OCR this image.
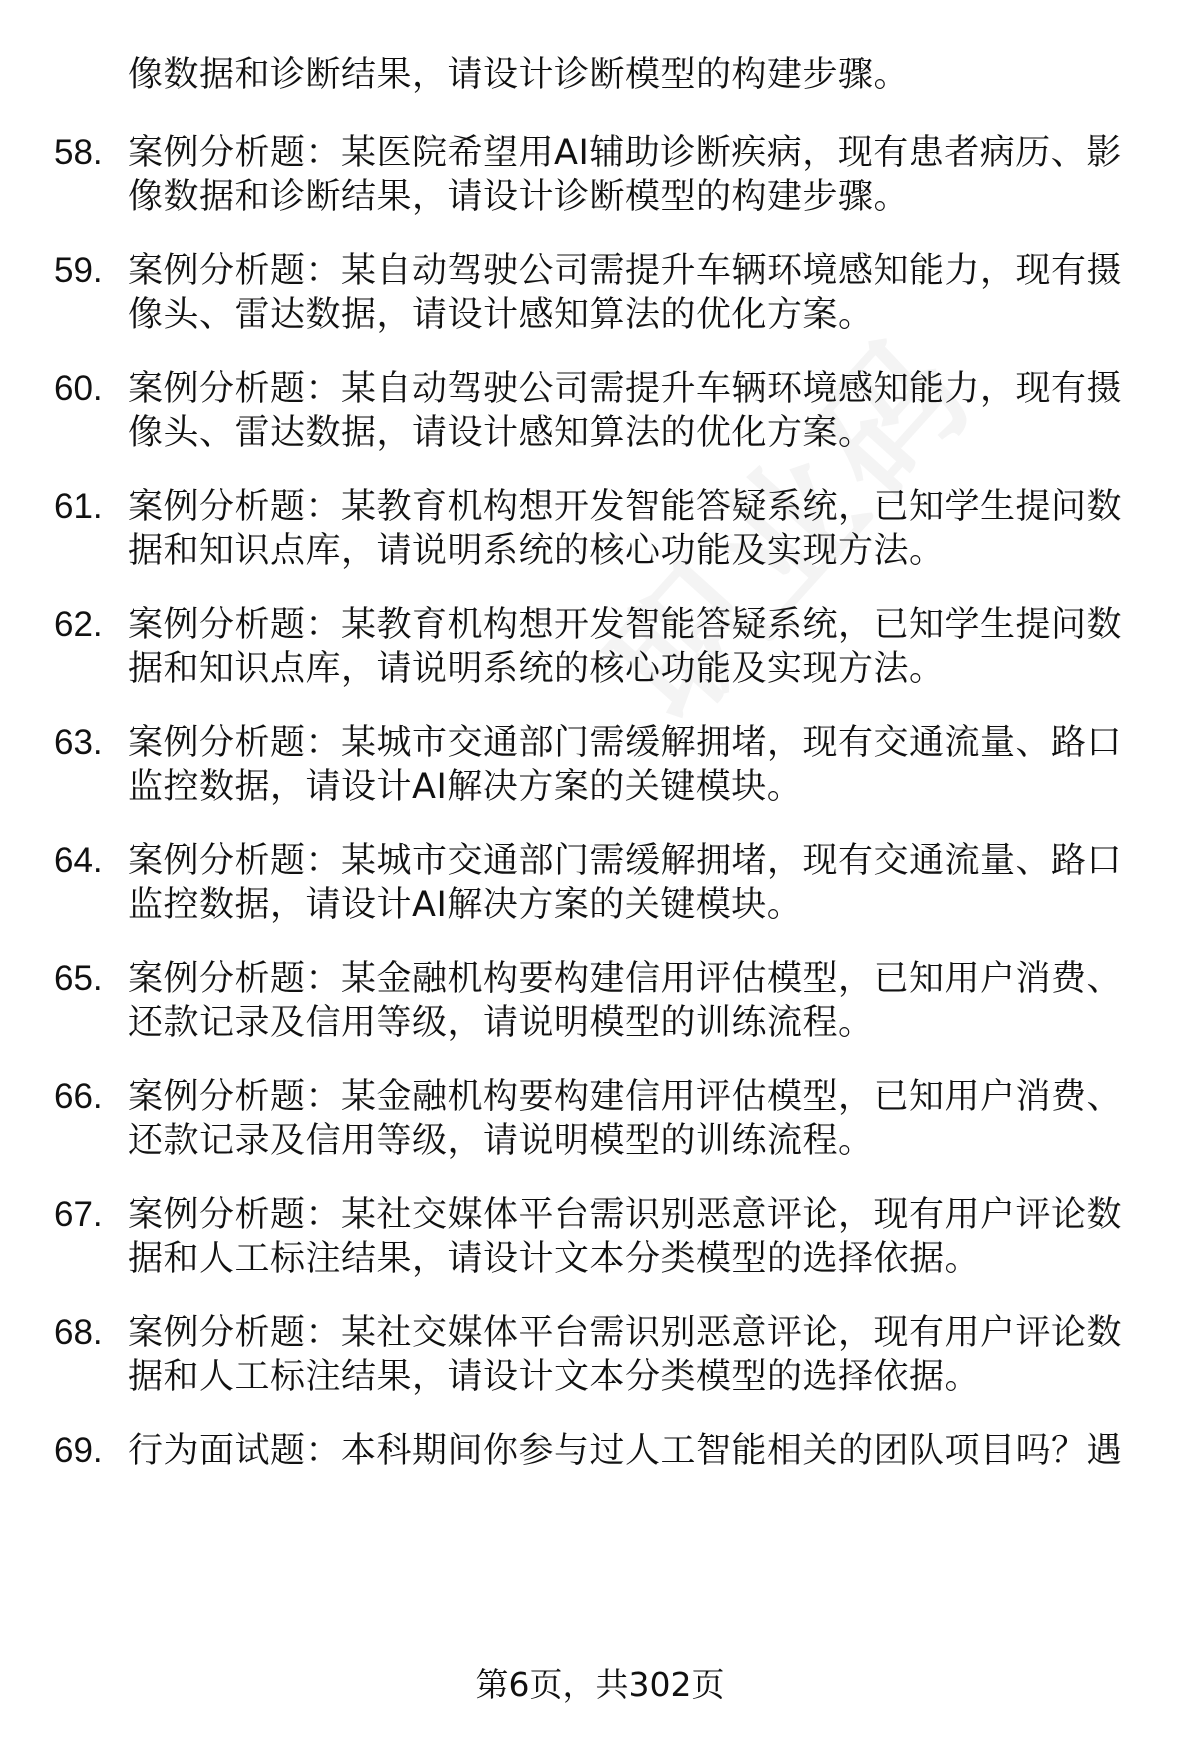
像数据和诊断结果，请设计诊断模型的构建步骤。
58. 案例分析题：某医院希望用AI辅助诊断疾病，现有患者病历、影
像数据和诊断结果，请设计诊断模型的构建步骤。
59. 案例分析题：某自动驾驶公司需提升车辆环境感知能力，现有摄
像头、雷达数据，请设计感知算法的优化方案。
60. 案例分析题：某自动驾驶公司需提升车辆环境感知能力，现有摄
像头、雷达数据，请设计感知算法的优化方案。
61. 案例分析题：某教育机构想开发智能答疑系统，已知学生提问数
据和知识点库，请说明系统的核心功能及实现方法。
62. 案例分析题：某教育机构想开发智能答疑系统，已知学生提问数
据和知识点库，请说明系统的核心功能及实现方法。
63. 案例分析题：某城市交通部门需缓解拥堵，现有交通流量、路口
监控数据，请设计AI解决方案的关键模块。
64. 案例分析题：某城市交通部门需缓解拥堵，现有交通流量、路口
监控数据，请设计AI解决方案的关键模块。
65. 案例分析题：某金融机构要构建信用评估模型，已知用户消费、
还款记录及信用等级，请说明模型的训练流程。
66. 案例分析题：某金融机构要构建信用评估模型，已知用户消费、
还款记录及信用等级，请说明模型的训练流程。
67. 案例分析题：某社交媒体平台需识别恶意评论，现有用户评论数
据和人工标注结果，请设计文本分类模型的选择依据。
68. 案例分析题：某社交媒体平台需识别恶意评论，现有用户评论数
据和人工标注结果，请设计文本分类模型的选择依据。
69. 行为面试题：本科期间你参与过人工智能相关的团队项目吗？遇
第6页，共302页
